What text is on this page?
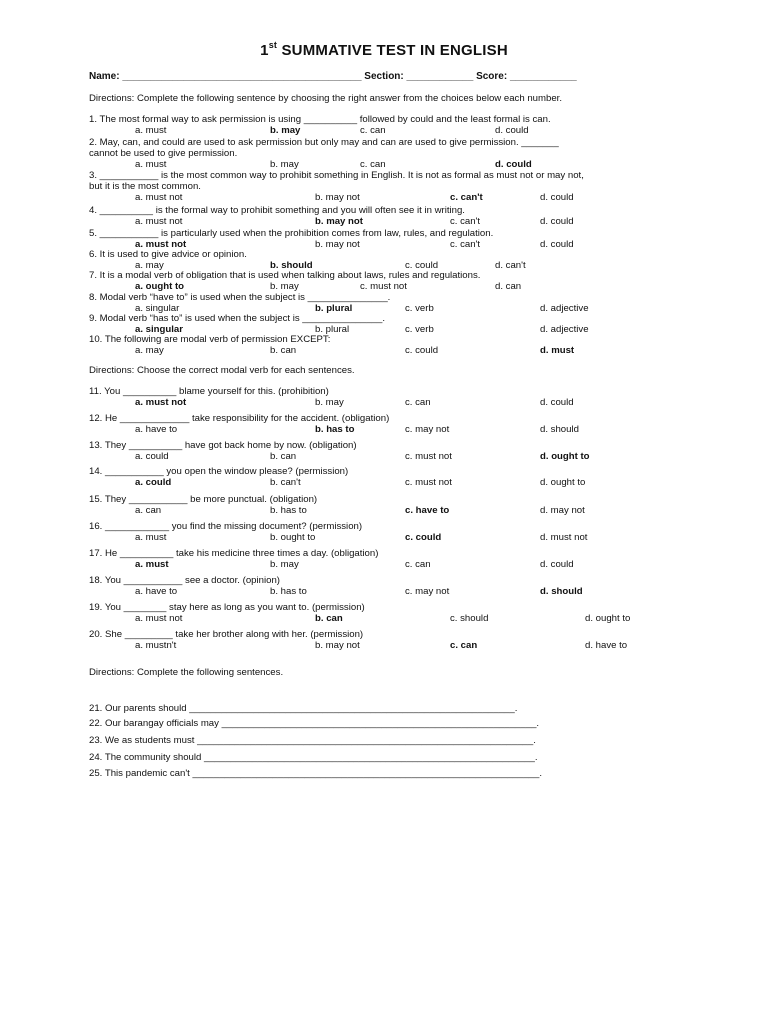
1st SUMMATIVE TEST IN ENGLISH
Name: ___________________________________________ Section: ____________ Score: ____________
Directions: Complete the following sentence by choosing the right answer from the choices below each number.
1. The most formal way to ask permission is using __________ followed by could and the least formal is can.
a. must	b. may	c. can	d. could
2. May, can, and could are used to ask permission but only may and can are used to give permission. _______
cannot be used to give permission.
a. must	b. may	c. can	d. could
3. ___________ is the most common way to prohibit something in English. It is not as formal as must not or may not,
but it is the most common.
a. must not	b. may not	c. can't	d. could
4. __________ is the formal way to prohibit something and you will often see it in writing.
a. must not	b. may not	c. can't	d. could
5. ___________ is particularly used when the prohibition comes from law, rules, and regulation.
a. must not	b. may not	c. can't	d. could
6. It is used to give advice or opinion.
a. may	b. should	c. could	d. can't
7. It is a modal verb of obligation that is used when talking about laws, rules and regulations.
a. ought to	b. may	c. must not	d. can
8. Modal verb “have to” is used when the subject is _______________.
a. singular	b. plural	c. verb	d. adjective
9. Modal verb “has to” is used when the subject is _______________.
a. singular	b. plural	c. verb	d. adjective
10. The following are modal verb of permission EXCEPT:
a. may	b. can	c. could	d. must
Directions: Choose the correct modal verb for each sentences.
11. You __________ blame yourself for this. (prohibition)
a. must not	b. may	c. can	d. could
12. He _____________ take responsibility for the accident. (obligation)
a. have to	b. has to	c. may not	d. should
13. They __________ have got back home by now. (obligation)
a. could	b. can	c. must not	d. ought to
14. ___________ you open the window please? (permission)
a. could	b. can't	c. must not	d. ought to
15. They ___________ be more punctual. (obligation)
a. can	b. has to	c. have to	d. may not
16. ____________ you find the missing document? (permission)
a. must	b. ought to	c. could	d. must not
17. He __________ take his medicine three times a day. (obligation)
a. must	b. may	c. can	d. could
18. You ___________ see a doctor. (opinion)
a. have to	b. has to	c. may not	d. should
19. You ________ stay here as long as you want to. (permission)
a. must not	b. can	c. should	d. ought to
20. She _________ take her brother along with her. (permission)
a. mustn't	b. may not	c. can	d. have to
Directions: Complete the following sentences.
21. Our parents should _____________________________________________________________.
22. Our barangay officials may ___________________________________________________________.
23. We as students must _______________________________________________________________.
24. The community should ______________________________________________________________.
25. This pandemic can't _________________________________________________________________.
